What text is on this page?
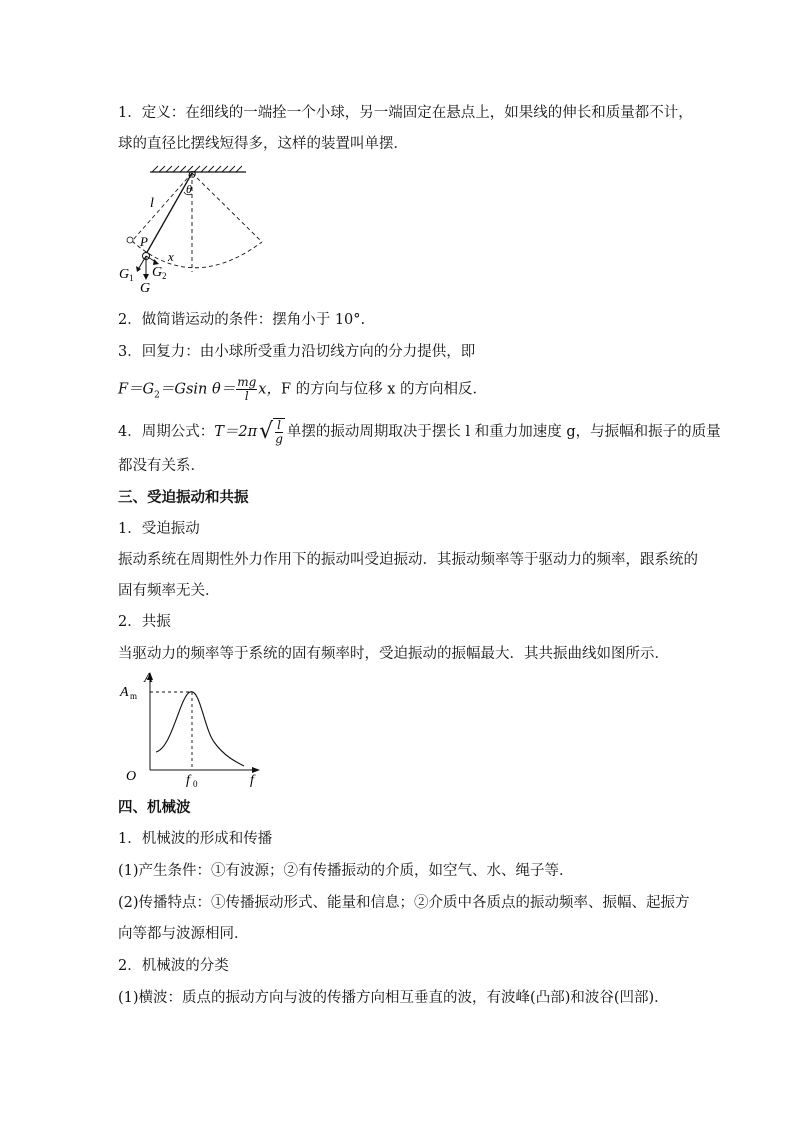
1．定义：在细线的一端拴一个小球，另一端固定在悬点上，如果线的伸长和质量都不计，
球的直径比摆线短得多，这样的装置叫单摆．
O
θ
l
P
x
G 1 G 2
G
2．做简谐运动的条件：摆角小于 10°.
3．回复力：由小球所受重力沿切线方向的分力提供，即
$F=G_2=Gsin$ $\theta= \frac{mg}{l}$ x，F 的方向与位移 x 的方向相反．
4．周期公式：$T=2\pi√ \frac{l}{g}$ 单摆的振动周期取决于摆长 l 和重力加速度 g，与振幅和振子的质量
都没有关系．
三、受迫振动和共振
1．受迫振动
振动系统在周期性外力作用下的振动叫受迫振动．其振动频率等于驱动力的频率，跟系统的
固有频率无关．
2．共振
当驱动力的频率等于系统的固有频率时，受迫振动的振幅最大．其共振曲线如图所示．
A
A m
O	f 0	f
四、机械波
1．机械波的形成和传播
(1)产生条件：①有波源；②有传播振动的介质，如空气、水、绳子等．
(2)传播特点：①传播振动形式、能量和信息；②介质中各质点的振动频率、振幅、起振方
向等都与波源相同．
2．机械波的分类
(1)横波：质点的振动方向与波的传播方向相互垂直的波，有波峰(凸部)和波谷(凹部)．
